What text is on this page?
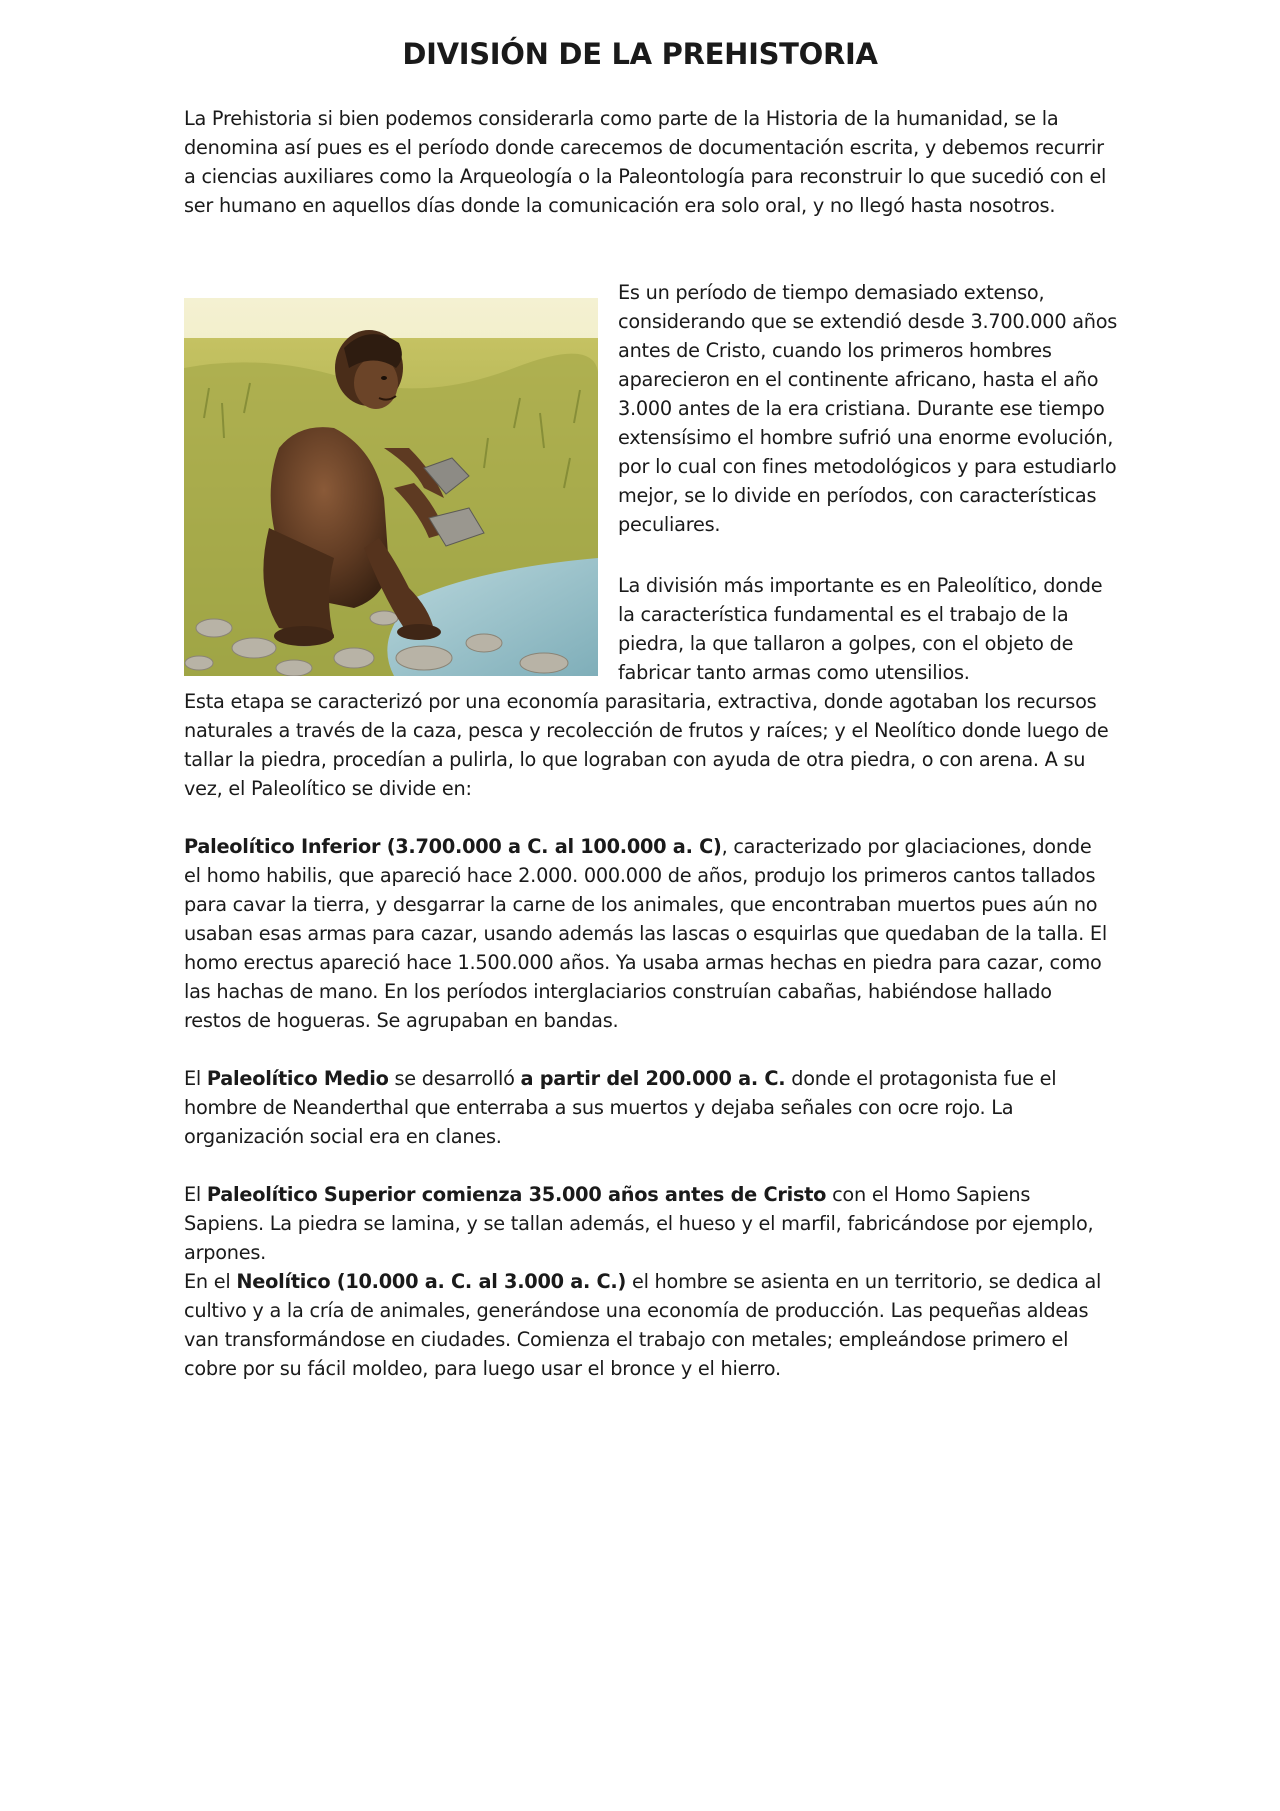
DIVISIÓN DE LA PREHISTORIA

La Prehistoria si bien podemos considerarla como parte de la Historia de la humanidad, se la denomina así pues es el período donde carecemos de documentación escrita, y debemos recurrir a ciencias auxiliares como la Arqueología o la Paleontología para reconstruir lo que sucedió con el ser humano en aquellos días donde la comunicación era solo oral, y no llegó hasta nosotros.

Es un período de tiempo demasiado extenso, considerando que se extendió desde 3.700.000 años antes de Cristo, cuando los primeros hombres aparecieron en el continente africano, hasta el año 3.000 antes de la era cristiana. Durante ese tiempo extensísimo el hombre sufrió una enorme evolución, por lo cual con fines metodológicos y para estudiarlo mejor, se lo divide en períodos, con características peculiares.

La división más importante es en Paleolítico, donde la característica fundamental es el trabajo de la piedra, la que tallaron a golpes, con el objeto de fabricar tanto armas como utensilios.

Esta etapa se caracterizó por una economía parasitaria, extractiva, donde agotaban los recursos naturales a través de la caza, pesca y recolección de frutos y raíces; y el Neolítico donde luego de tallar la piedra, procedían a pulirla, lo que lograban con ayuda de otra piedra, o con arena. A su vez, el Paleolítico se divide en:

Paleolítico Inferior (3.700.000 a C. al 100.000 a. C), caracterizado por glaciaciones, donde el homo habilis, que apareció hace 2.000. 000.000 de años, produjo los primeros cantos tallados para cavar la tierra, y desgarrar la carne de los animales, que encontraban muertos pues aún no usaban esas armas para cazar, usando además las lascas o esquirlas que quedaban de la talla. El homo erectus apareció hace 1.500.000 años. Ya usaba armas hechas en piedra para cazar, como las hachas de mano. En los períodos interglaciarios construían cabañas, habiéndose hallado restos de hogueras. Se agrupaban en bandas.

El Paleolítico Medio se desarrolló a partir del 200.000 a. C. donde el protagonista fue el hombre de Neanderthal que enterraba a sus muertos y dejaba señales con ocre rojo. La organización social era en clanes.

El Paleolítico Superior comienza 35.000 años antes de Cristo con el Homo Sapiens Sapiens. La piedra se lamina, y se tallan además, el hueso y el marfil, fabricándose por ejemplo, arpones.

En el Neolítico (10.000 a. C. al 3.000 a. C.) el hombre se asienta en un territorio, se dedica al cultivo y a la cría de animales, generándose una economía de producción. Las pequeñas aldeas van transformándose en ciudades. Comienza el trabajo con metales; empleándose primero el cobre por su fácil moldeo, para luego usar el bronce y el hierro.
